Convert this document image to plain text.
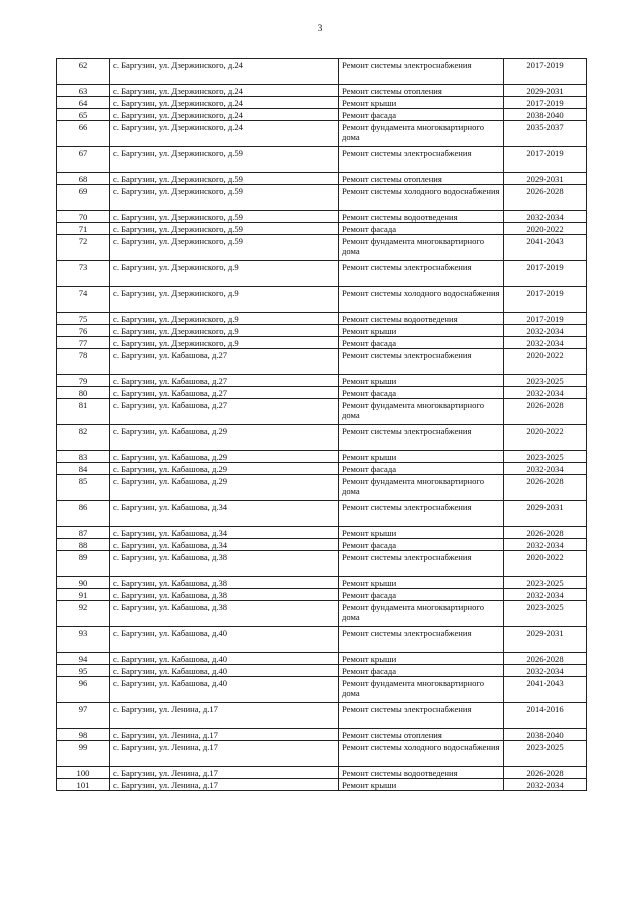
3
62	с. Баргузин, ул. Дзержинского, д.24	Ремонт системы электроснабжения	2017-2019
63	с. Баргузин, ул. Дзержинского, д.24	Ремонт системы отопления	2029-2031
64	с. Баргузин, ул. Дзержинского, д.24	Ремонт крыши	2017-2019
65	с. Баргузин, ул. Дзержинского, д.24	Ремонт фасада	2038-2040
66	с. Баргузин, ул. Дзержинского, д.24	Ремонт фундамента многоквартирного дома	2035-2037
67	с. Баргузин, ул. Дзержинского, д.59	Ремонт системы электроснабжения	2017-2019
68	с. Баргузин, ул. Дзержинского, д.59	Ремонт системы отопления	2029-2031
69	с. Баргузин, ул. Дзержинского, д.59	Ремонт системы холодного водоснабжения	2026-2028
70	с. Баргузин, ул. Дзержинского, д.59	Ремонт системы водоотведения	2032-2034
71	с. Баргузин, ул. Дзержинского, д.59	Ремонт фасада	2020-2022
72	с. Баргузин, ул. Дзержинского, д.59	Ремонт фундамента многоквартирного дома	2041-2043
73	с. Баргузин, ул. Дзержинского, д.9	Ремонт системы электроснабжения	2017-2019
74	с. Баргузин, ул. Дзержинского, д.9	Ремонт системы холодного водоснабжения	2017-2019
75	с. Баргузин, ул. Дзержинского, д.9	Ремонт системы водоотведения	2017-2019
76	с. Баргузин, ул. Дзержинского, д.9	Ремонт крыши	2032-2034
77	с. Баргузин, ул. Дзержинского, д.9	Ремонт фасада	2032-2034
78	с. Баргузин, ул. Кабашова, д.27	Ремонт системы электроснабжения	2020-2022
79	с. Баргузин, ул. Кабашова, д.27	Ремонт крыши	2023-2025
80	с. Баргузин, ул. Кабашова, д.27	Ремонт фасада	2032-2034
81	с. Баргузин, ул. Кабашова, д.27	Ремонт фундамента многоквартирного дома	2026-2028
82	с. Баргузин, ул. Кабашова, д.29	Ремонт системы электроснабжения	2020-2022
83	с. Баргузин, ул. Кабашова, д.29	Ремонт крыши	2023-2025
84	с. Баргузин, ул. Кабашова, д.29	Ремонт фасада	2032-2034
85	с. Баргузин, ул. Кабашова, д.29	Ремонт фундамента многоквартирного дома	2026-2028
86	с. Баргузин, ул. Кабашова, д.34	Ремонт системы электроснабжения	2029-2031
87	с. Баргузин, ул. Кабашова, д.34	Ремонт крыши	2026-2028
88	с. Баргузин, ул. Кабашова, д.34	Ремонт фасада	2032-2034
89	с. Баргузин, ул. Кабашова, д.38	Ремонт системы электроснабжения	2020-2022
90	с. Баргузин, ул. Кабашова, д.38	Ремонт крыши	2023-2025
91	с. Баргузин, ул. Кабашова, д.38	Ремонт фасада	2032-2034
92	с. Баргузин, ул. Кабашова, д.38	Ремонт фундамента многоквартирного дома	2023-2025
93	с. Баргузин, ул. Кабашова, д.40	Ремонт системы электроснабжения	2029-2031
94	с. Баргузин, ул. Кабашова, д.40	Ремонт крыши	2026-2028
95	с. Баргузин, ул. Кабашова, д.40	Ремонт фасада	2032-2034
96	с. Баргузин, ул. Кабашова, д.40	Ремонт фундамента многоквартирного дома	2041-2043
97	с. Баргузин, ул. Ленина, д.17	Ремонт системы электроснабжения	2014-2016
98	с. Баргузин, ул. Ленина, д.17	Ремонт системы отопления	2038-2040
99	с. Баргузин, ул. Ленина, д.17	Ремонт системы холодного водоснабжения	2023-2025
100	с. Баргузин, ул. Ленина, д.17	Ремонт системы водоотведения	2026-2028
101	с. Баргузин, ул. Ленина, д.17	Ремонт крыши	2032-2034
